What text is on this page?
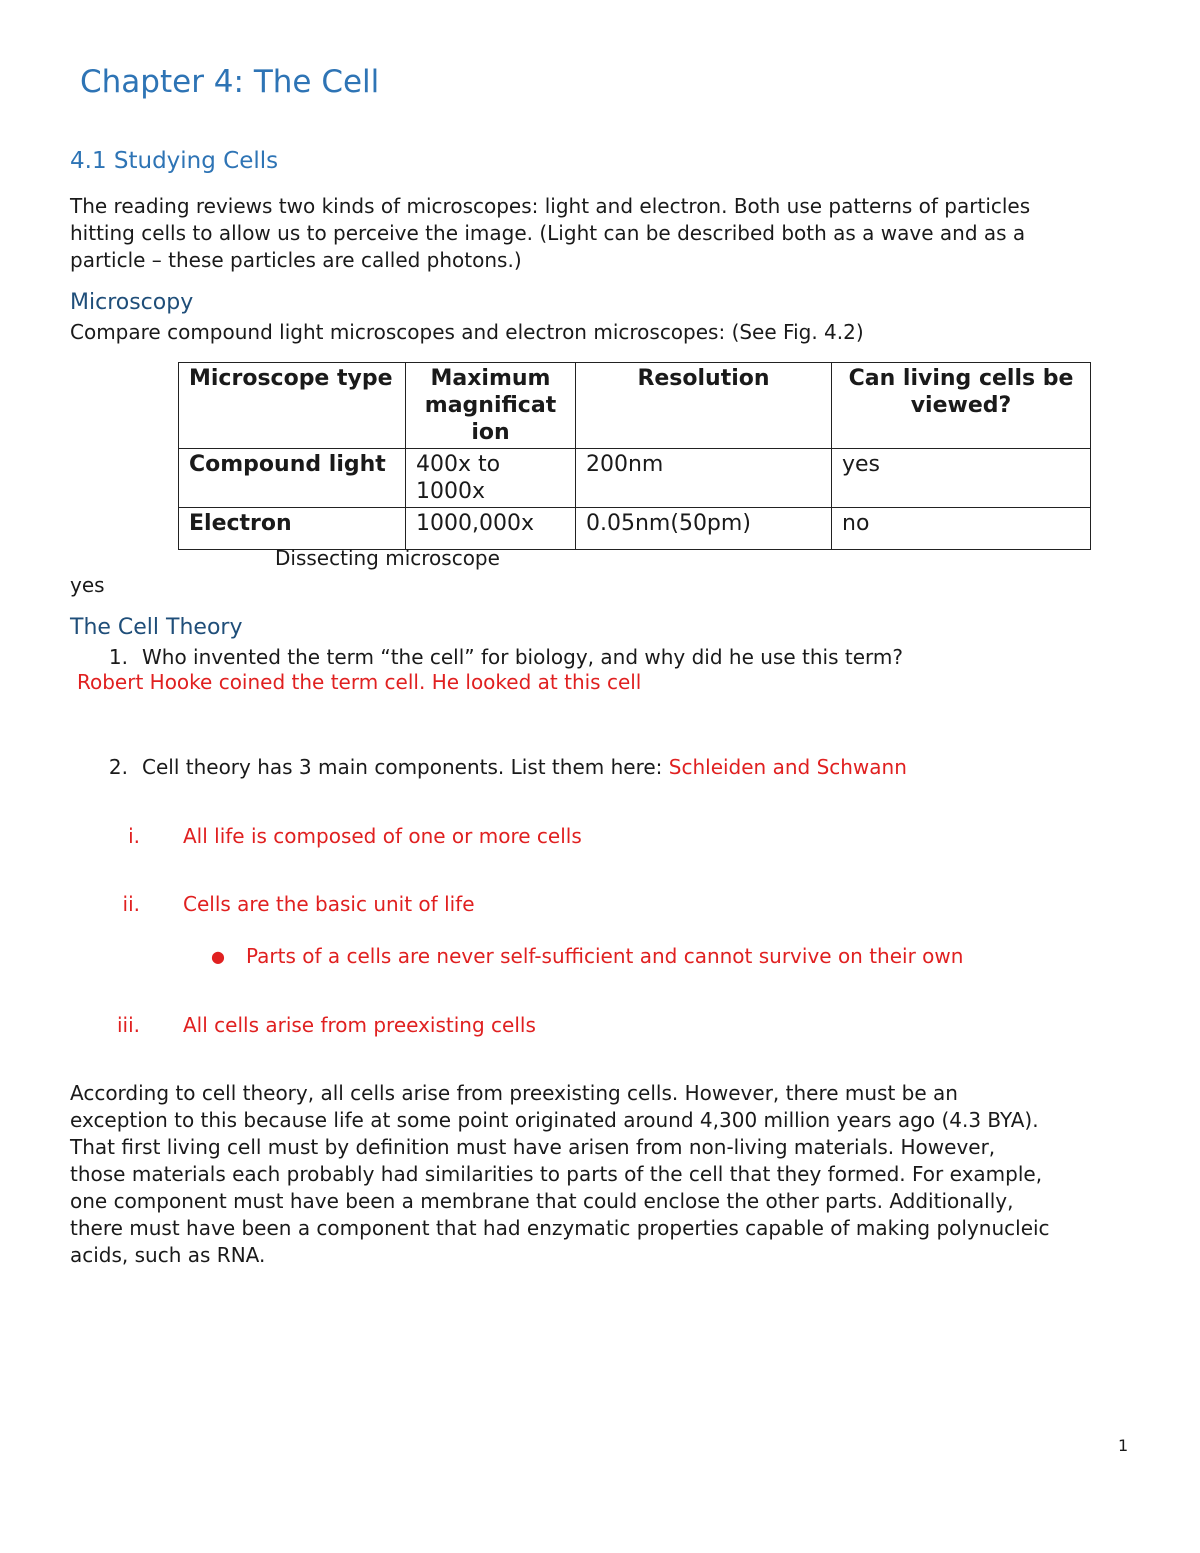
Chapter 4: The Cell
4.1 Studying Cells
The reading reviews two kinds of microscopes: light and electron. Both use patterns of particles
hitting cells to allow us to perceive the image. (Light can be described both as a wave and as a
particle – these particles are called photons.)
Microscopy
Compare compound light microscopes and electron microscopes: (See Fig. 4.2)
Microscope type	Maximum magnificat ion	Resolution	Can living cells be viewed?
Compound light	400x to 1000x	200nm	yes
Electron	1000,000x	0.05nm(50pm)	no
Dissecting microscope
yes
The Cell Theory
1. Who invented the term “the cell” for biology, and why did he use this term?
Robert Hooke coined the term cell. He looked at this cell
2. Cell theory has 3 main components. List them here: Schleiden and Schwann
i. All life is composed of one or more cells
ii. Cells are the basic unit of life
● Parts of a cells are never self-sufficient and cannot survive on their own
iii. All cells arise from preexisting cells
According to cell theory, all cells arise from preexisting cells. However, there must be an
exception to this because life at some point originated around 4,300 million years ago (4.3 BYA).
That first living cell must by definition must have arisen from non-living materials. However,
those materials each probably had similarities to parts of the cell that they formed. For example,
one component must have been a membrane that could enclose the other parts. Additionally,
there must have been a component that had enzymatic properties capable of making polynucleic
acids, such as RNA.
1
